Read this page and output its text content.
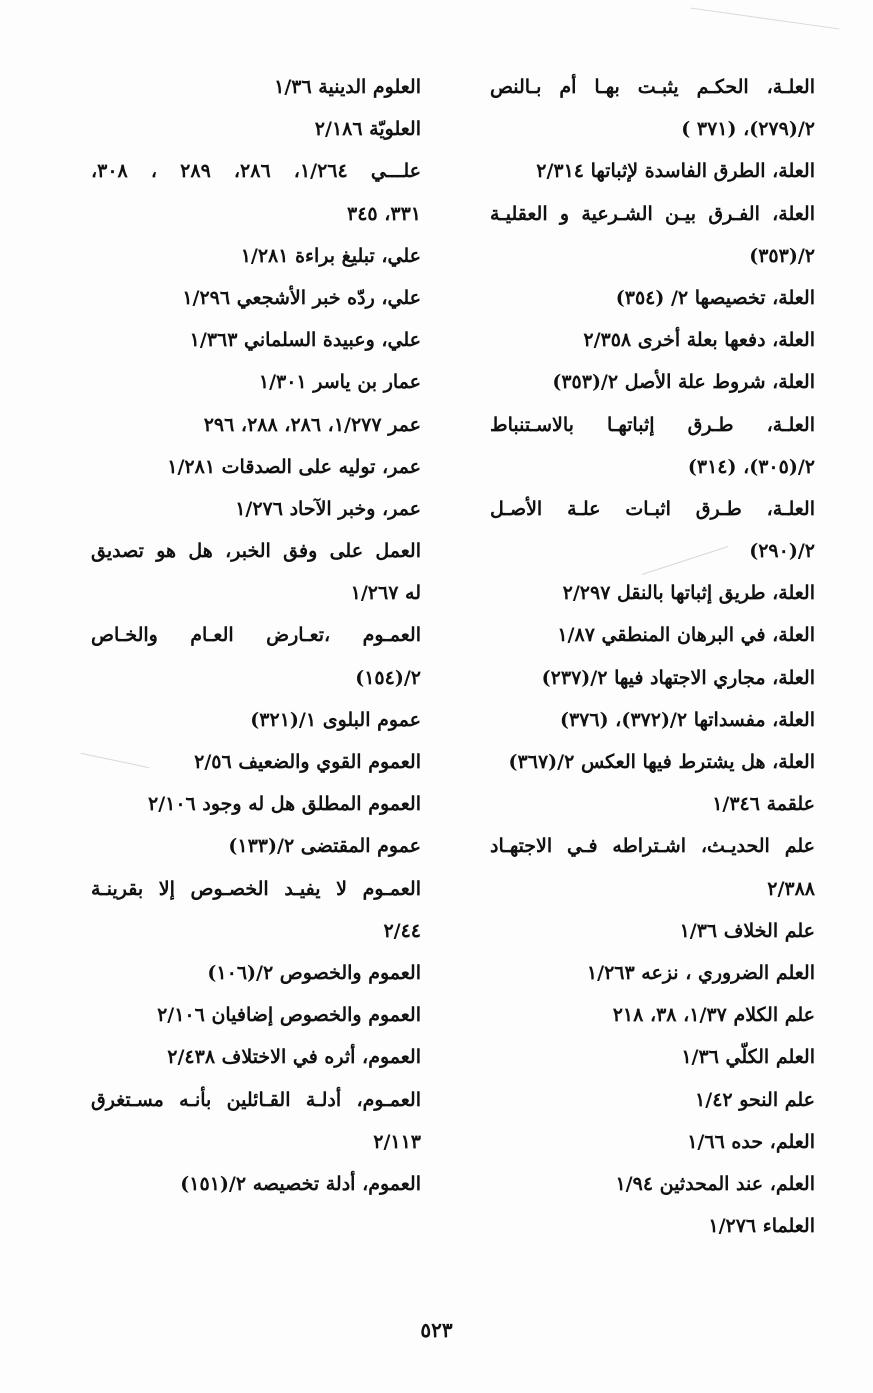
العلـة، الحكـم يثبـت بهـا أم بـالنص
٢/(٢٧٩)، (٣٧١ )
العلة، الطرق الفاسدة لإثباتها ٢/٣١٤
العلة، الفـرق بيـن الشـرعية و العقليـة
٢/(٣٥٣)
العلة، تخصيصها ٢/ (٣٥٤)
العلة، دفعها بعلة أخرى ٢/٣٥٨
العلة، شروط علة الأصل ٢/(٣٥٣)
العلـة، طـرق إثباتهـا بالاسـتنباط
٢/(٣٠٥)، (٣١٤)
العلـة، طـرق اثبـات علـة الأصـل
٢/(٢٩٠)
العلة، طريق إثباتها بالنقل ٢/٢٩٧
العلة، في البرهان المنطقي ١/٨٧
العلة، مجاري الاجتهاد فيها ٢/(٢٣٧)
العلة، مفسداتها ٢/(٣٧٢)، (٣٧٦)
العلة، هل يشترط فيها العكس ٢/(٣٦٧)
علقمة ١/٣٤٦
علم الحديـث، اشـتراطه فـي الاجتهـاد
٢/٣٨٨
علم الخلاف ١/٣٦
العلم الضروري ، نزعه ١/٢٦٣
علم الكلام ١/٣٧، ٣٨، ٢١٨
العلم الكلّي ١/٣٦
علم النحو ١/٤٢
العلم، حده ١/٦٦
العلم، عند المحدثين ١/٩٤
العلماء ١/٢٧٦
العلوم الدينية ١/٣٦
العلويّة ٢/١٨٦
علـــي ١/٢٦٤، ٢٨٦، ٢٨٩ ، ٣٠٨،
٣٣١، ٣٤٥
علي، تبليغ براءة ١/٢٨١
علي، ردّه خبر الأشجعي ١/٢٩٦
علي، وعبيدة السلماني ١/٣٦٣
عمار بن ياسر ١/٣٠١
عمر ١/٢٧٧، ٢٨٦، ٢٨٨، ٢٩٦
عمر، توليه على الصدقات ١/٢٨١
عمر، وخبر الآحاد ١/٢٧٦
العمل على وفق الخبر، هل هو تصديق
له ١/٢٦٧
العمـوم ،تعـارض العـام والخـاص
٢/(١٥٤)
عموم البلوى ١/(٣٢١)
العموم القوي والضعيف ٢/٥٦
العموم المطلق هل له وجود ٢/١٠٦
عموم المقتضى ٢/(١٣٣)
العمـوم لا يفيـد الخصـوص إلا بقرينـة
٢/٤٤
العموم والخصوص ٢/(١٠٦)
العموم والخصوص إضافيان ٢/١٠٦
العموم، أثره في الاختلاف ٢/٤٣٨
العمـوم، أدلـة القـائلين بأنـه مسـتغرق
٢/١١٣
العموم، أدلة تخصيصه ٢/(١٥١)
٥٢٣
